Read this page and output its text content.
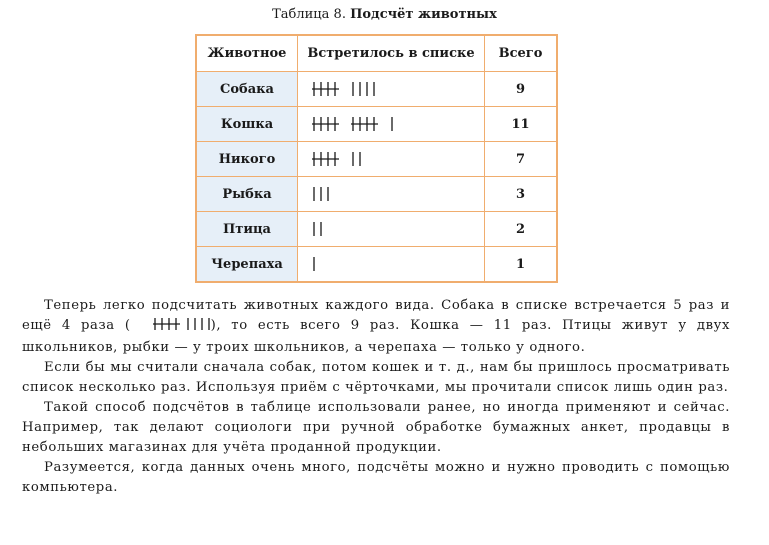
Таблица 8. Подсчёт животных
Животное	Встретилось в списке	Всего
Собака		9
Кошка		11
Никого		7
Рыбка		3
Птица		2
Черепаха		1

Теперь легко подсчитать животных каждого вида. Собака в списке встречается 5 раз и ещё 4 раза (	), то есть всего 9 раз. Кошка — 11 раз. Птицы живут у двух школьников, рыбки — у троих школьников, а черепаха — только у одного.

Если бы мы считали сначала собак, потом кошек и т. д., нам бы пришлось просматривать список несколько раз. Используя приём с чёрточками, мы прочитали список лишь один раз.

Такой способ подсчётов в таблице использовали ранее, но иногда применяют и сейчас. Например, так делают социологи при ручной обработке бумажных анкет, продавцы в небольших магазинах для учёта проданной продукции.

Разумеется, когда данных очень много, подсчёты можно и нужно проводить с помощью компьютера.
